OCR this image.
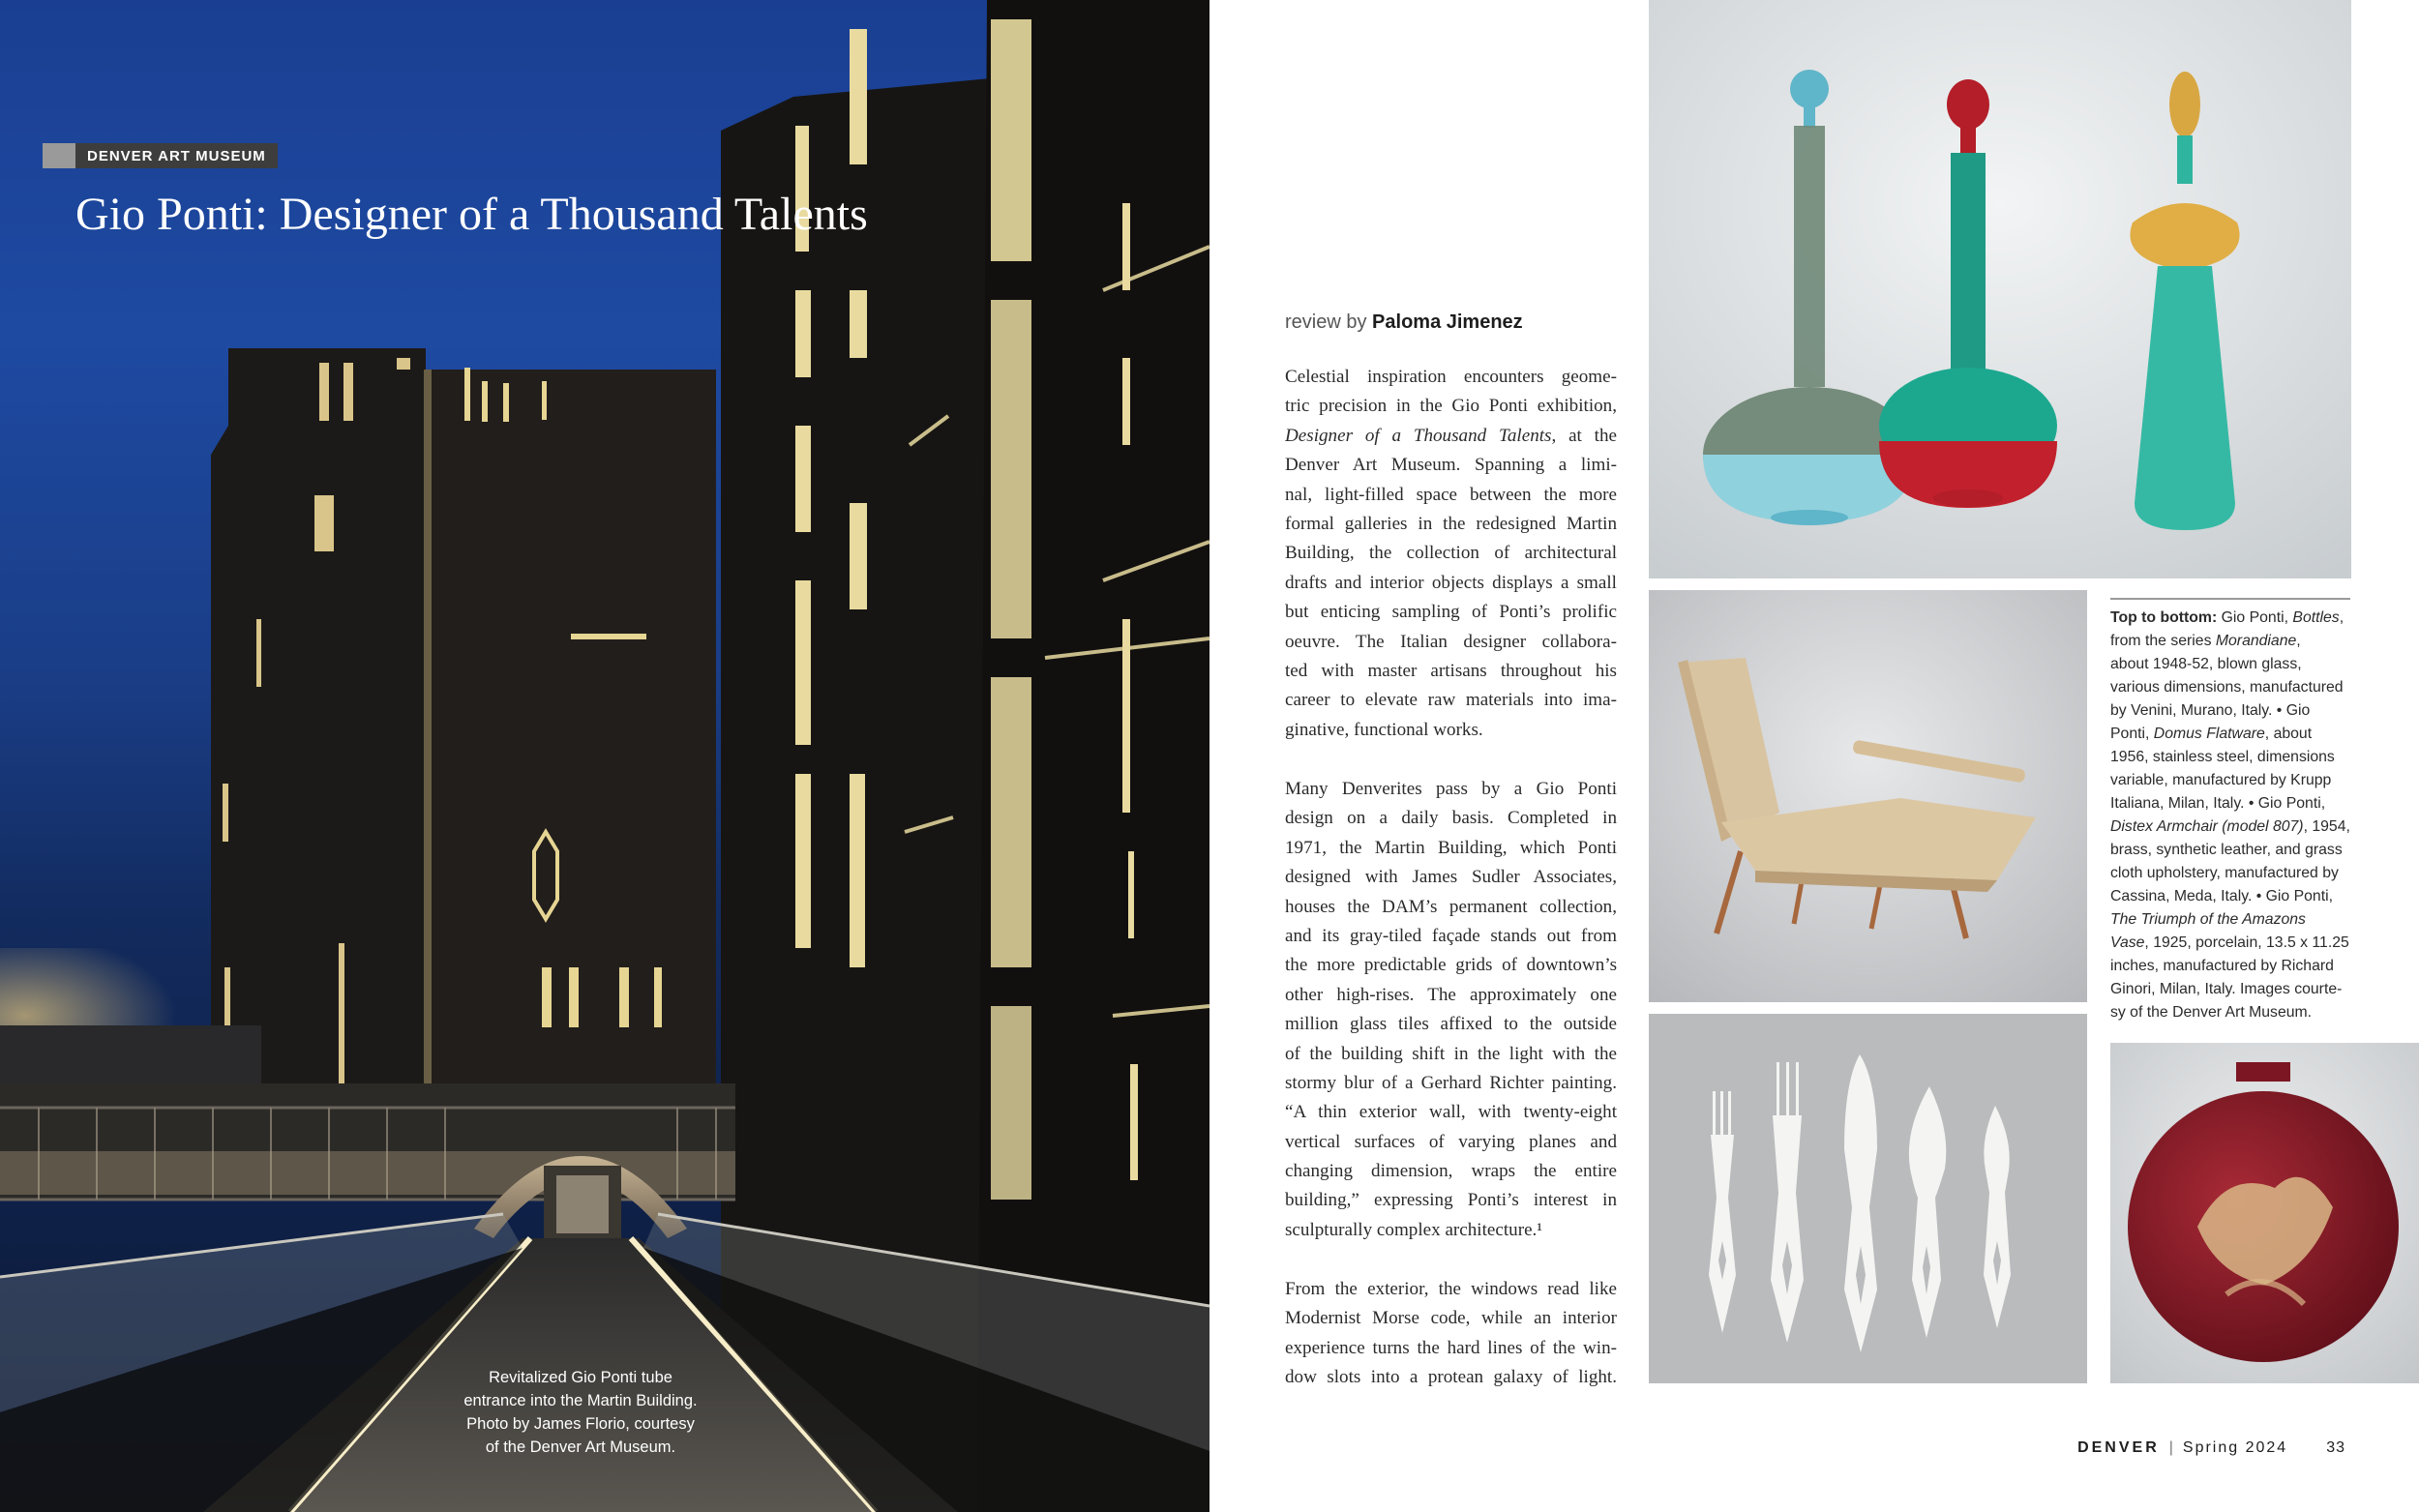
DENVER ART MUSEUM
Gio Ponti: Designer of a Thousand Talents
Revitalized Gio Ponti tube
entrance into the Martin Building.
Photo by James Florio, courtesy
of the Denver Art Museum.
review by Paloma Jimenez
Celestial inspiration encounters geome-
tric precision in the Gio Ponti exhibition,
Designer of a Thousand Talents, at the
Denver Art Museum. Spanning a limi-
nal, light-filled space between the more
formal galleries in the redesigned Martin
Building, the collection of architectural
drafts and interior objects displays a small
but enticing sampling of Ponti’s prolific
oeuvre. The Italian designer collabora-
ted with master artisans throughout his
career to elevate raw materials into ima-
ginative, functional works.
Many Denverites pass by a Gio Ponti
design on a daily basis. Completed in
1971, the Martin Building, which Ponti
designed with James Sudler Associates,
houses the DAM’s permanent collection,
and its gray-tiled façade stands out from
the more predictable grids of downtown’s
other high-rises. The approximately one
million glass tiles affixed to the outside
of the building shift in the light with the
stormy blur of a Gerhard Richter painting.
“A thin exterior wall, with twenty-eight
vertical surfaces of varying planes and
changing dimension, wraps the entire
building,” expressing Ponti’s interest in
sculpturally complex architecture.¹
From the exterior, the windows read like
Modernist Morse code, while an interior
experience turns the hard lines of the win-
dow slots into a protean galaxy of light.
Top to bottom: Gio Ponti, Bottles,
from the series Morandiane,
about 1948-52, blown glass,
various dimensions, manufactured
by Venini, Murano, Italy. • Gio
Ponti, Domus Flatware, about
1956, stainless steel, dimensions
variable, manufactured by Krupp
Italiana, Milan, Italy. • Gio Ponti,
Distex Armchair (model 807), 1954,
brass, synthetic leather, and grass
cloth upholstery, manufactured by
Cassina, Meda, Italy. • Gio Ponti,
The Triumph of the Amazons
Vase, 1925, porcelain, 13.5 x 11.25
inches, manufactured by Richard
Ginori, Milan, Italy. Images courte-
sy of the Denver Art Museum.
DENVER | Spring 2024	33
